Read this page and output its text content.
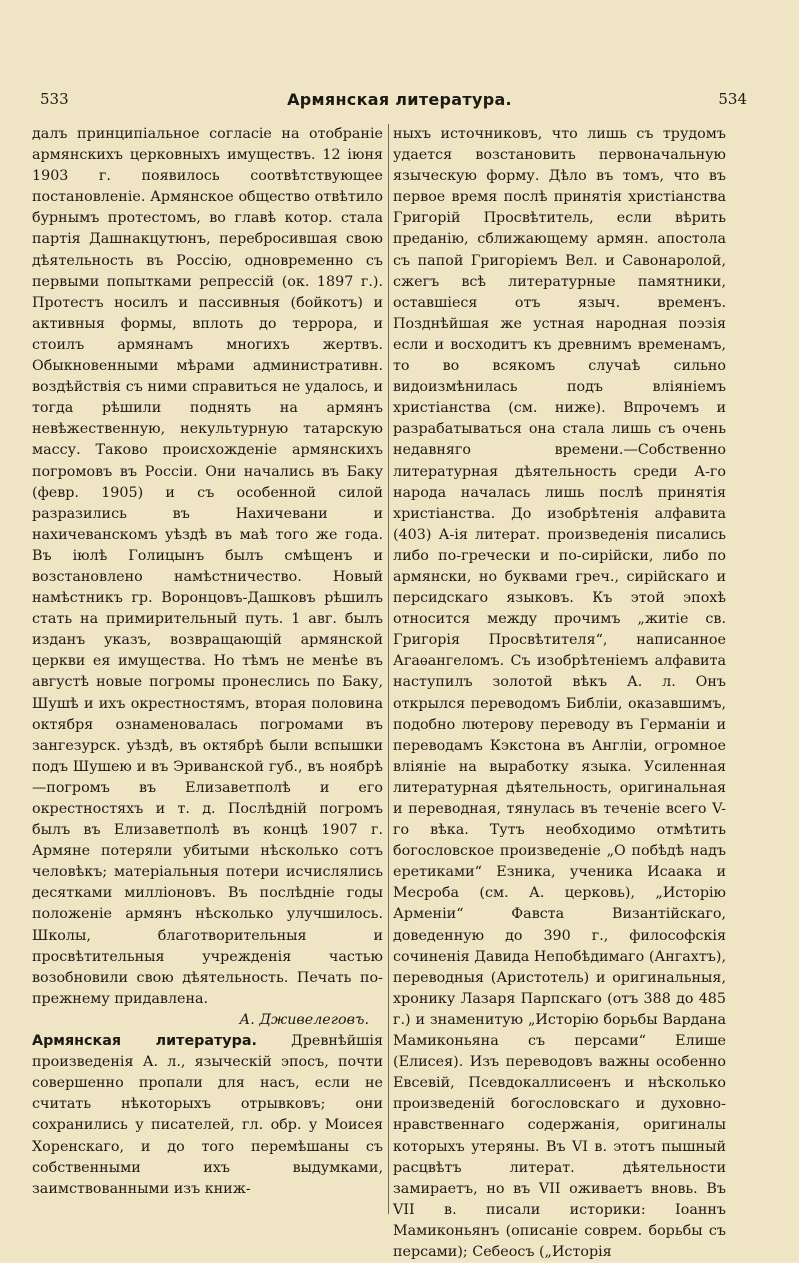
533	Армянская литература.	534
далъ принципіальное согласіе на отобраніе армянскихъ церковныхъ имуществъ. 12 іюня 1903 г. появилось соотвѣтствующее постановленіе. Армянское общество отвѣтило бурнымъ протестомъ, во главѣ котор. стала партія Дашнакцутюнъ, перебросившая свою дѣятельность въ Россію, одновременно съ первыми попытками репрессій (ок. 1897 г.). Протестъ носилъ и пассивныя (бойкотъ) и активныя формы, вплоть до террора, и стоилъ армянамъ многихъ жертвъ. Обыкновенными мѣрами административн. воздѣйствія съ ними справиться не удалось, и тогда рѣшили поднять на армянъ невѣжественную, некультурную татарскую массу. Таково происхожденіе армянскихъ погромовъ въ Россіи. Они начались въ Баку (февр. 1905) и съ особенной силой разразились въ Нахичевани и нахичеванскомъ уѣздѣ въ маѣ того же года. Въ іюлѣ Голицынъ былъ смѣщенъ и возстановлено намѣстничество. Новый намѣстникъ гр. Воронцовъ-Дашковъ рѣшилъ стать на примирительный путь. 1 авг. былъ изданъ указъ, возвращающій армянской церкви ея имущества. Но тѣмъ не менѣе въ августѣ новые погромы пронеслись по Баку, Шушѣ и ихъ окрестностямъ, вторая половина октября ознаменовалась погромами въ зангезурск. уѣздѣ, въ октябрѣ были вспышки подъ Шушею и въ Эриванской губ., въ ноябрѣ—погромъ въ Елизаветполѣ и его окрестностяхъ и т. д. Послѣдній погромъ былъ въ Елизаветполѣ въ концѣ 1907 г. Армяне потеряли убитыми нѣсколько сотъ человѣкъ; матеріальныя потери исчислялись десятками милліоновъ. Въ послѣдніе годы положеніе армянъ нѣсколько улучшилось. Школы, благотворительныя и просвѣтительныя учрежденія частью возобновили свою дѣятельность. Печать по-прежнему придавлена.
А. Дживелеговъ.
Армянская литература. Древнѣйшія произведенія А. л., языческій эпосъ, почти совершенно пропали для насъ, если не считать нѣкоторыхъ отрывковъ; они сохранились у писателей, гл. обр. у Моисея Хоренскаго, и до того перемѣшаны съ собственными ихъ выдумками, заимствованными изъ книж-
ныхъ источниковъ, что лишь съ трудомъ удается возстановить первоначальную языческую форму. Дѣло въ томъ, что въ первое время послѣ принятія христіанства Григорій Просвѣтитель, если вѣрить преданію, сближающему армян. апостола съ папой Григоріемъ Вел. и Савонаролой, сжегъ всѣ литературные памятники, оставшіеся отъ языч. временъ. Позднѣйшая же устная народная поэзія если и восходитъ къ древнимъ временамъ, то во всякомъ случаѣ сильно видоизмѣнилась подъ вліяніемъ христіанства (см. ниже). Впрочемъ и разрабатываться она стала лишь съ очень недавняго времени.—Собственно литературная дѣятельность среди А-го народа началась лишь послѣ принятія христіанства. До изобрѣтенія алфавита (403) А-ія литерат. произведенія писались либо по-гречески и по-сирійски, либо по армянски, но буквами греч., сирійскаго и персидскаго языковъ. Къ этой эпохѣ относится между прочимъ „житіе св. Григорія Просвѣтителя“, написанное Агаѳангеломъ. Съ изобрѣтеніемъ алфавита наступилъ золотой вѣкъ А. л. Онъ открылся переводомъ Библіи, оказавшимъ, подобно лютерову переводу въ Германіи и переводамъ Кэкстона въ Англіи, огромное вліяніе на выработку языка. Усиленная литературная дѣятельность, оригинальная и переводная, тянулась въ теченіе всего V-го вѣка. Тутъ необходимо отмѣтить богословское произведеніе „О побѣдѣ надъ еретиками“ Езника, ученика Исаака и Месроба (см. А. церковь), „Исторію Арменіи“ Фавста Византійскаго, доведенную до 390 г., философскія сочиненія Давида Непобѣдимаго (Ангахтъ), переводныя (Аристотель) и оригинальныя, хронику Лазаря Парпскаго (отъ 388 до 485 г.) и знаменитую „Исторію борьбы Вардана Мамиконьяна съ персами“ Елише (Елисея). Изъ переводовъ важны особенно Евсевій, Псевдокаллисѳенъ и нѣсколько произведеній богословскаго и духовно-нравственнаго содержанія, оригиналы которыхъ утеряны. Въ VI в. этотъ пышный расцвѣтъ литерат. дѣятельности замираетъ, но въ VII оживаетъ вновь. Въ VII в. писали историки: Іоаннъ Мамиконьянъ (описаніе соврем. борьбы съ персами); Себеосъ („Исторія
